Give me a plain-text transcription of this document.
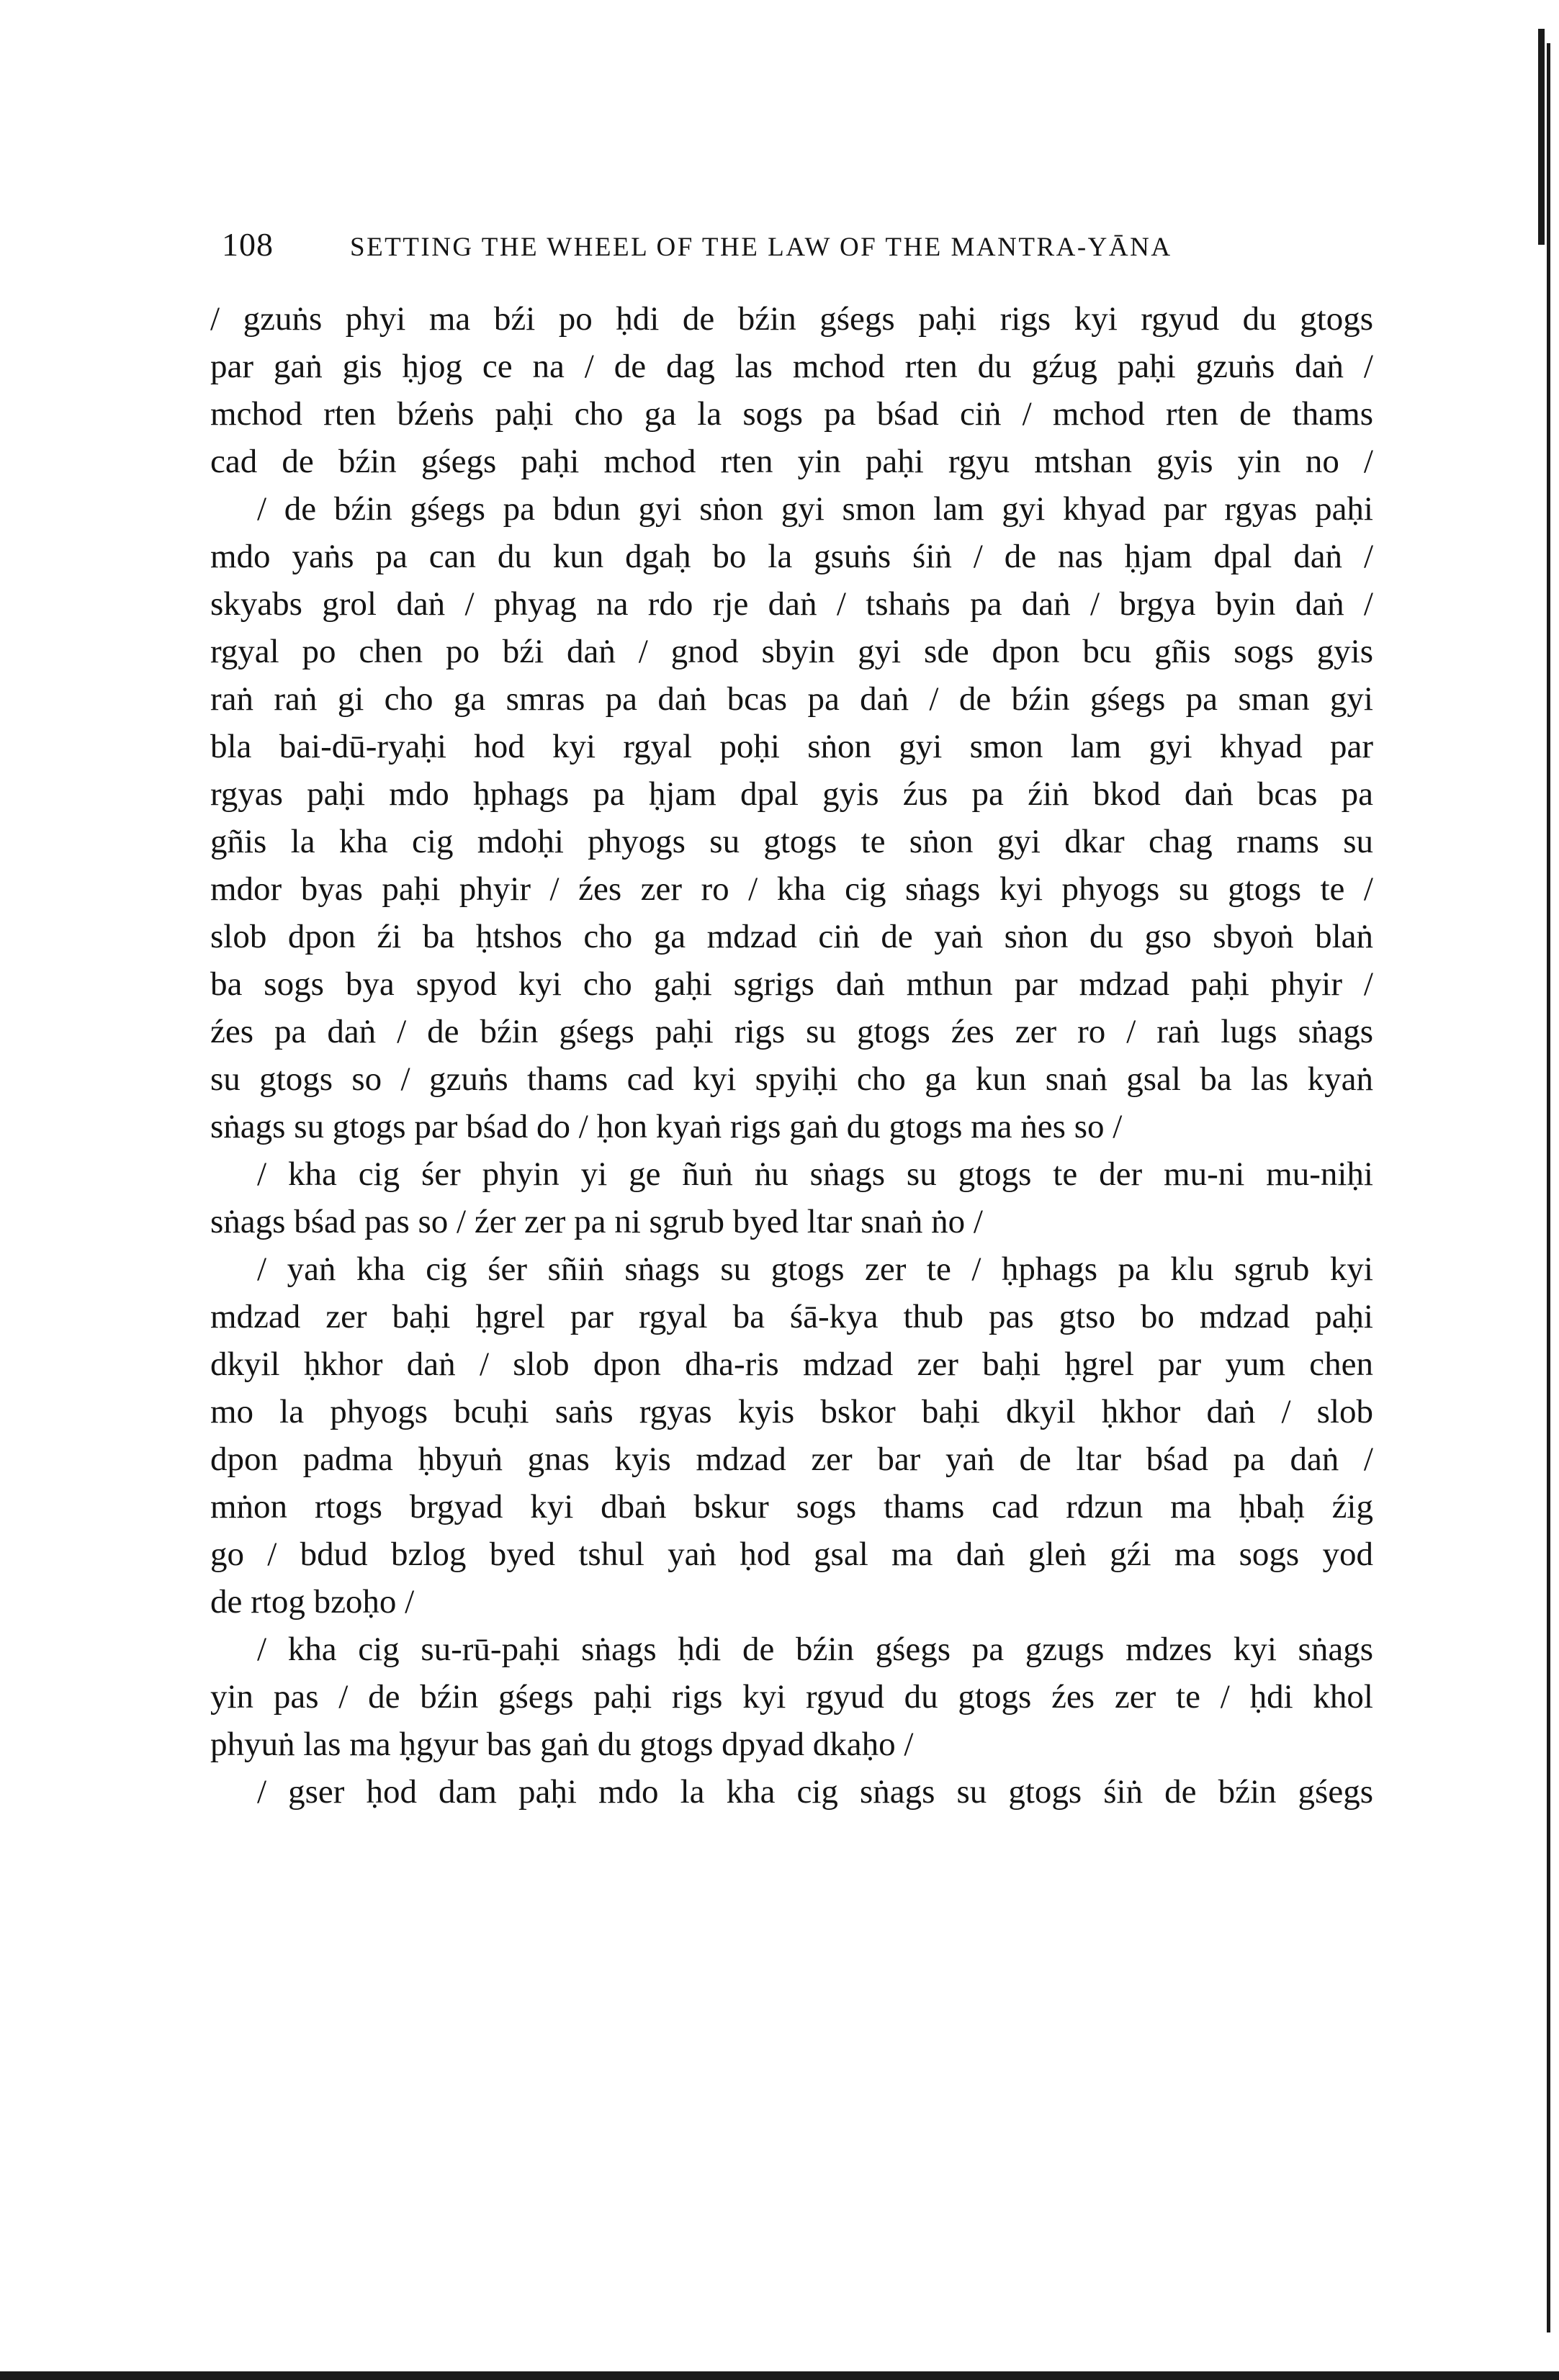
108	SETTING THE WHEEL OF THE LAW OF THE MANTRA-YĀNA
/ gzuṅs phyi ma bźi po ḥdi de bźin gśegs paḥi rigs kyi rgyud du gtogs
par gaṅ gis ḥjog ce na / de dag las mchod rten du gźug paḥi gzuṅs daṅ /
mchod rten bźeṅs paḥi cho ga la sogs pa bśad ciṅ / mchod rten de thams
cad de bźin gśegs paḥi mchod rten yin paḥi rgyu mtshan gyis yin no /
/ de bźin gśegs pa bdun gyi sṅon gyi smon lam gyi khyad par rgyas paḥi
mdo yaṅs pa can du kun dgaḥ bo la gsuṅs śiṅ / de nas ḥjam dpal daṅ /
skyabs grol daṅ / phyag na rdo rje daṅ / tshaṅs pa daṅ / brgya byin daṅ /
rgyal po chen po bźi daṅ / gnod sbyin gyi sde dpon bcu gñis sogs gyis
raṅ raṅ gi cho ga smras pa daṅ bcas pa daṅ / de bźin gśegs pa sman gyi
bla bai-dū-ryaḥi hod kyi rgyal poḥi sṅon gyi smon lam gyi khyad par
rgyas paḥi mdo ḥphags pa ḥjam dpal gyis źus pa źiṅ bkod daṅ bcas pa
gñis la kha cig mdoḥi phyogs su gtogs te sṅon gyi dkar chag rnams su
mdor byas paḥi phyir / źes zer ro / kha cig sṅags kyi phyogs su gtogs te /
slob dpon źi ba ḥtshos cho ga mdzad ciṅ de yaṅ sṅon du gso sbyoṅ blaṅ
ba sogs bya spyod kyi cho gaḥi sgrigs daṅ mthun par mdzad paḥi phyir /
źes pa daṅ / de bźin gśegs paḥi rigs su gtogs źes zer ro / raṅ lugs sṅags
su gtogs so / gzuṅs thams cad kyi spyiḥi cho ga kun snaṅ gsal ba las kyaṅ
sṅags su gtogs par bśad do / ḥon kyaṅ rigs gaṅ du gtogs ma ṅes so /
/ kha cig śer phyin yi ge ñuṅ ṅu sṅags su gtogs te der mu-ni mu-niḥi
sṅags bśad pas so / źer zer pa ni sgrub byed ltar snaṅ ṅo /
/ yaṅ kha cig śer sñiṅ sṅags su gtogs zer te / ḥphags pa klu sgrub kyi
mdzad zer baḥi ḥgrel par rgyal ba śā-kya thub pas gtso bo mdzad paḥi
dkyil ḥkhor daṅ / slob dpon dha-ris mdzad zer baḥi ḥgrel par yum chen
mo la phyogs bcuḥi saṅs rgyas kyis bskor baḥi dkyil ḥkhor daṅ / slob
dpon padma ḥbyuṅ gnas kyis mdzad zer bar yaṅ de ltar bśad pa daṅ /
mṅon rtogs brgyad kyi dbaṅ bskur sogs thams cad rdzun ma ḥbaḥ źig
go / bdud bzlog byed tshul yaṅ ḥod gsal ma daṅ gleṅ gźi ma sogs yod
de rtog bzoḥo /
/ kha cig su-rū-paḥi sṅags ḥdi de bźin gśegs pa gzugs mdzes kyi sṅags
yin pas / de bźin gśegs paḥi rigs kyi rgyud du gtogs źes zer te / ḥdi khol
phyuṅ las ma ḥgyur bas gaṅ du gtogs dpyad dkaḥo /
/ gser ḥod dam paḥi mdo la kha cig sṅags su gtogs śiṅ de bźin gśegs
